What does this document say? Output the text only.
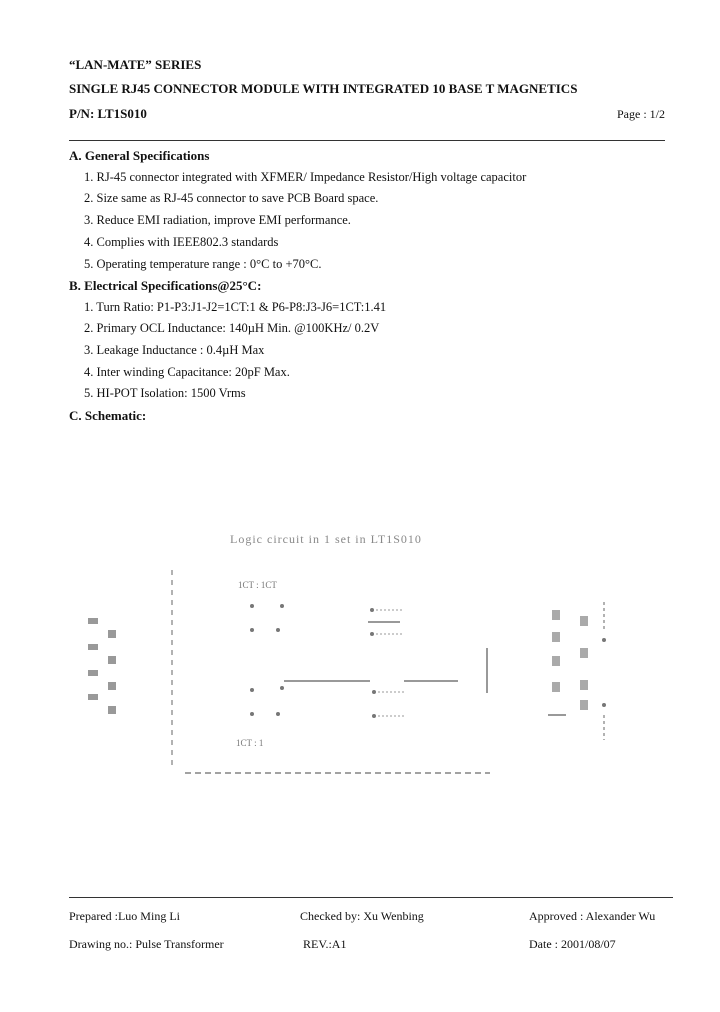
“LAN-MATE” SERIES
SINGLE RJ45 CONNECTOR MODULE WITH INTEGRATED 10 BASE T MAGNETICS
P/N: LT1S010	Page : 1/2
A. General Specifications
1. RJ-45 connector integrated with XFMER/ Impedance Resistor/High voltage capacitor
2. Size same as RJ-45 connector to save PCB Board space.
3. Reduce EMI radiation, improve EMI performance.
4. Complies with IEEE802.3 standards
5. Operating temperature range : 0°C to +70°C.
B. Electrical Specifications@25°C:
1. Turn Ratio: P1-P3:J1-J2=1CT:1 & P6-P8:J3-J6=1CT:1.41
2. Primary OCL Inductance: 140µH Min. @100KHz/ 0.2V
3. Leakage Inductance : 0.4µH Max
4. Inter winding Capacitance: 20pF Max.
5. HI-POT Isolation: 1500 Vrms
C. Schematic:
Logic circuit in 1 set in LT1S010
1CT : 1CT
1CT : 1
Prepared :Luo Ming Li	Checked by: Xu Wenbing	Approved : Alexander Wu
Drawing no.: Pulse Transformer	REV.:A1	Date : 2001/08/07
